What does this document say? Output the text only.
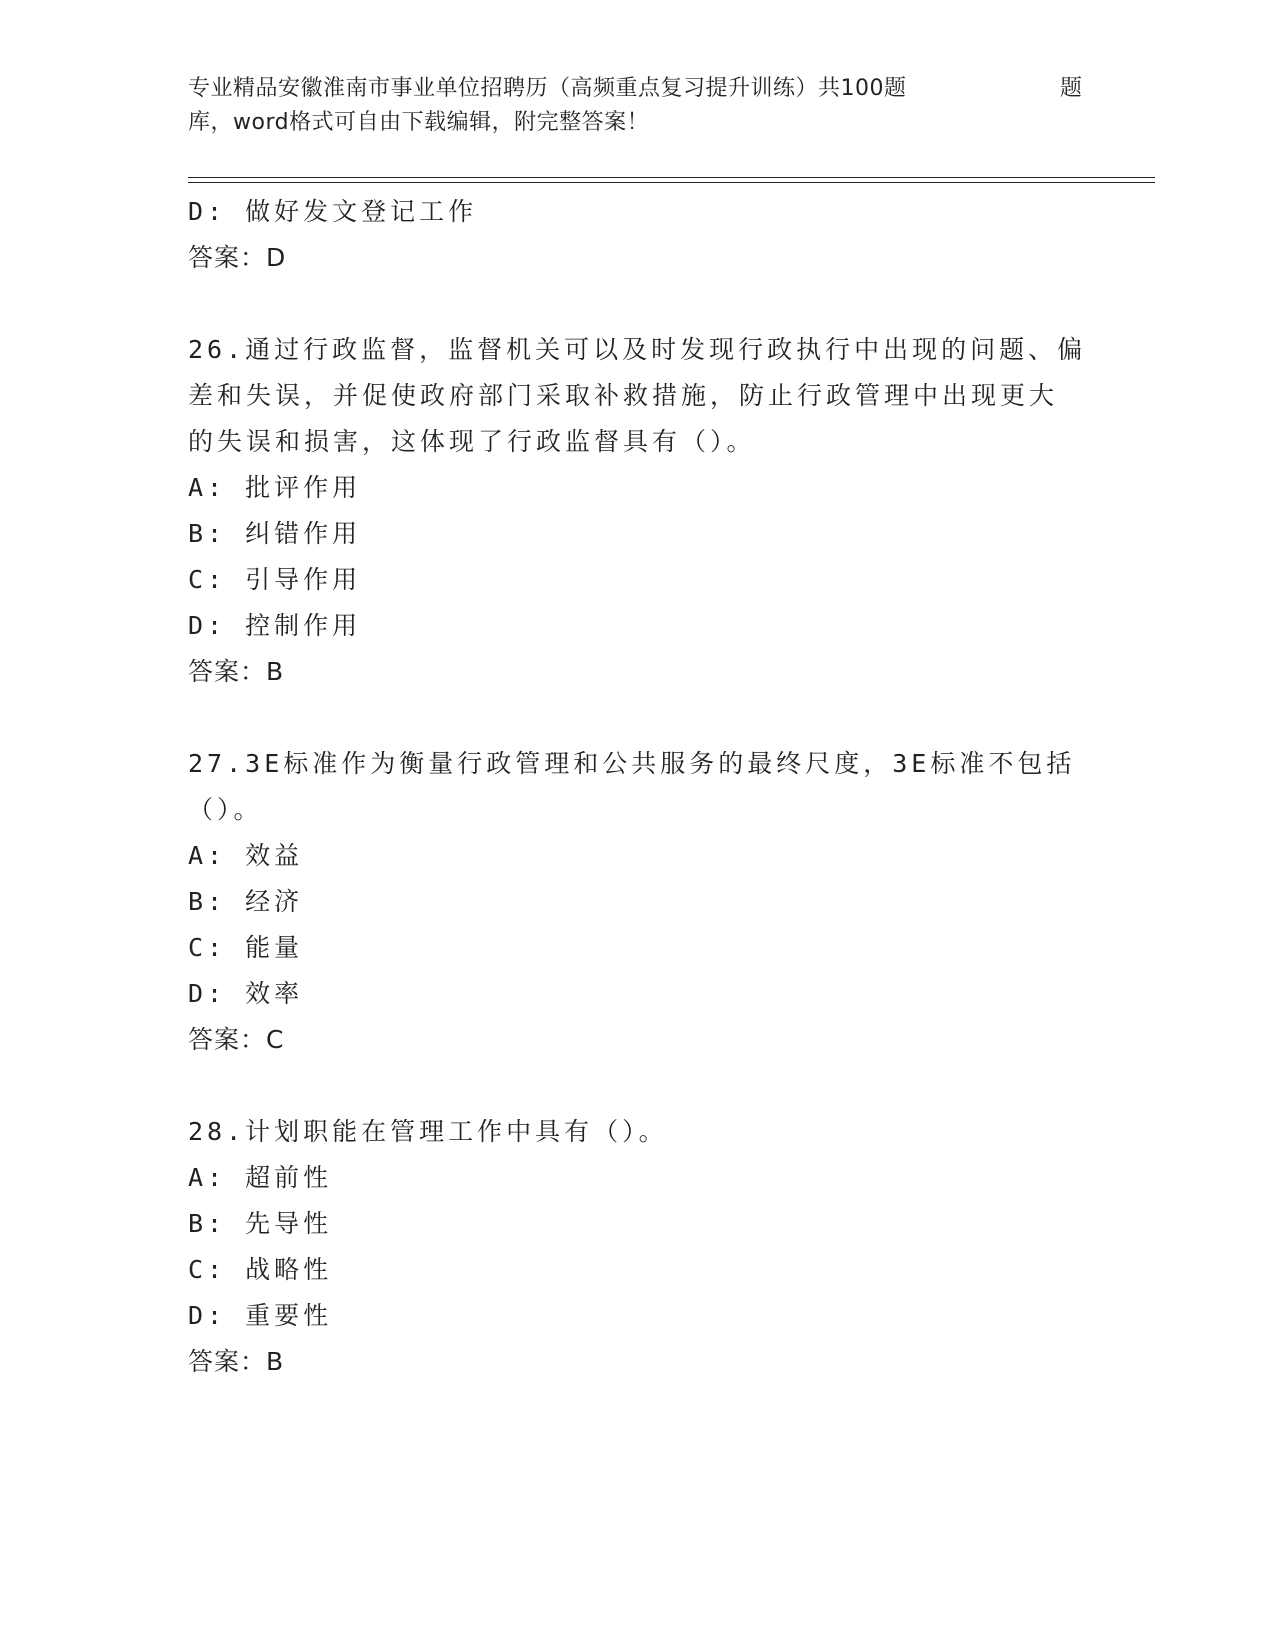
专业精品安徽淮南市事业单位招聘历（高频重点复习提升训练）共100题	题
库，word格式可自由下载编辑，附完整答案！
D: 做好发文登记工作
答案：D
26.通过行政监督，监督机关可以及时发现行政执行中出现的问题、偏
差和失误，并促使政府部门采取补救措施，防止行政管理中出现更大
的失误和损害，这体现了行政监督具有（）。
A: 批评作用
B: 纠错作用
C: 引导作用
D: 控制作用
答案：B
27.3E标准作为衡量行政管理和公共服务的最终尺度，3E标准不包括
（）。
A: 效益
B: 经济
C: 能量
D: 效率
答案：C
28.计划职能在管理工作中具有（）。
A: 超前性
B: 先导性
C: 战略性
D: 重要性
答案：B
